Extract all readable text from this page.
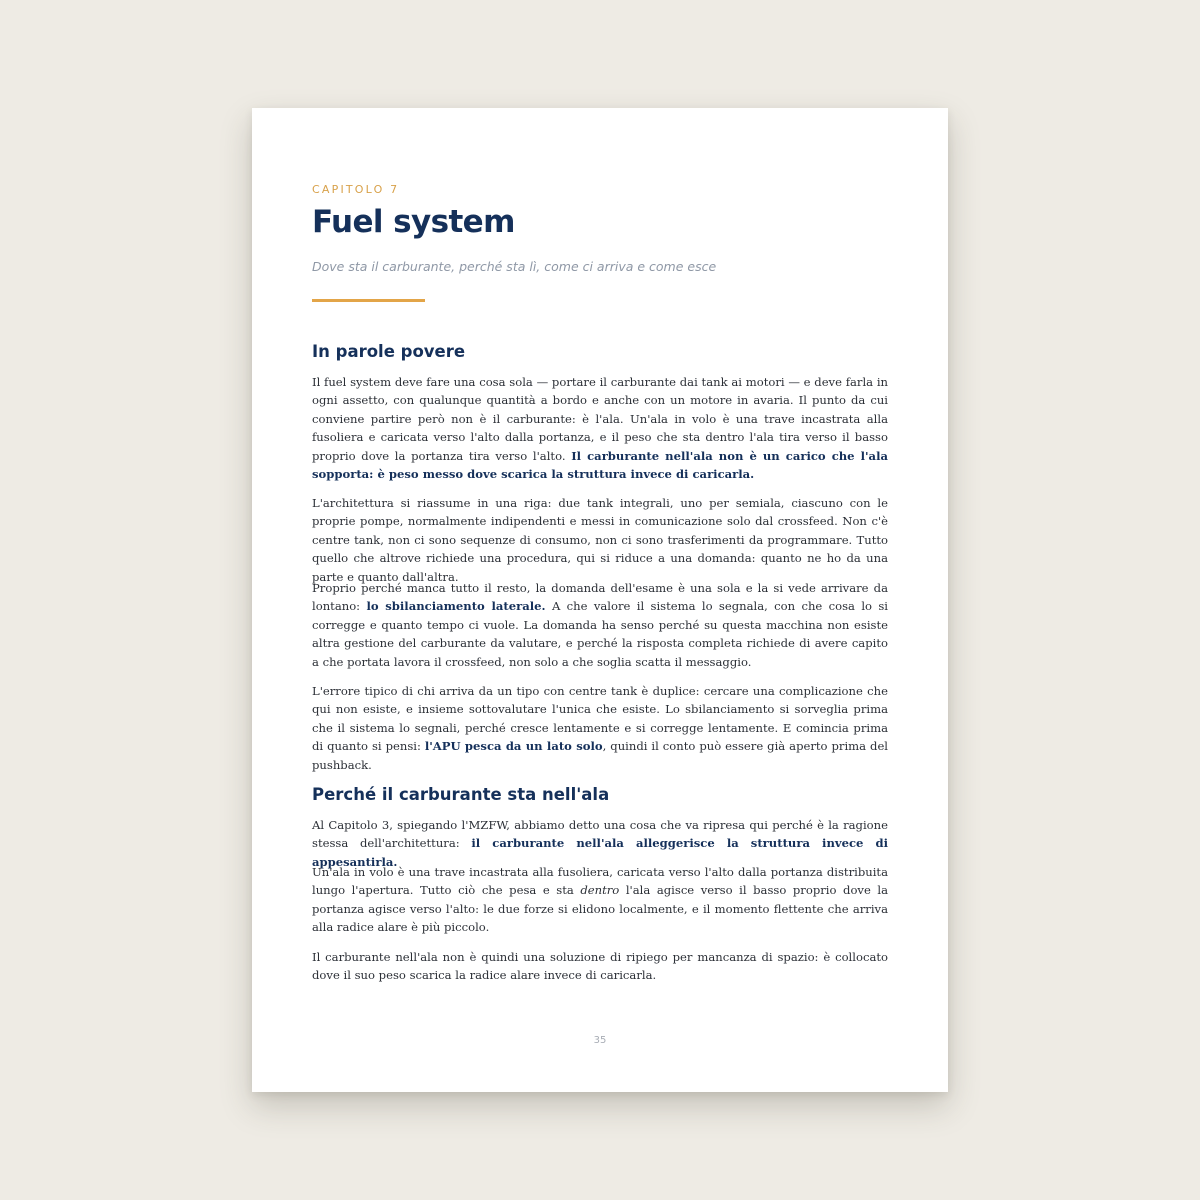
CAPITOLO 7
Fuel system
Dove sta il carburante, perché sta lì, come ci arriva e come esce
In parole povere

Il fuel system deve fare una cosa sola — portare il carburante dai tank ai motori — e deve farla in ogni assetto, con qualunque quantità a bordo e anche con un motore in avaria. Il punto da cui conviene partire però non è il carburante: è l'ala. Un'ala in volo è una trave incastrata alla fusoliera e caricata verso l'alto dalla portanza, e il peso che sta dentro l'ala tira verso il basso proprio dove la portanza tira verso l'alto. Il carburante nell'ala non è un carico che l'ala sopporta: è peso messo dove scarica la struttura invece di caricarla.

L'architettura si riassume in una riga: due tank integrali, uno per semiala, ciascuno con le proprie pompe, normalmente indipendenti e messi in comunicazione solo dal crossfeed. Non c'è centre tank, non ci sono sequenze di consumo, non ci sono trasferimenti da programmare. Tutto quello che altrove richiede una procedura, qui si riduce a una domanda: quanto ne ho da una parte e quanto dall'altra.

Proprio perché manca tutto il resto, la domanda dell'esame è una sola e la si vede arrivare da lontano: lo sbilanciamento laterale. A che valore il sistema lo segnala, con che cosa lo si corregge e quanto tempo ci vuole. La domanda ha senso perché su questa macchina non esiste altra gestione del carburante da valutare, e perché la risposta completa richiede di avere capito a che portata lavora il crossfeed, non solo a che soglia scatta il messaggio.

L'errore tipico di chi arriva da un tipo con centre tank è duplice: cercare una complicazione che qui non esiste, e insieme sottovalutare l'unica che esiste. Lo sbilanciamento si sorveglia prima che il sistema lo segnali, perché cresce lentamente e si corregge lentamente. E comincia prima di quanto si pensi: l'APU pesca da un lato solo, quindi il conto può essere già aperto prima del pushback.

Perché il carburante sta nell'ala

Al Capitolo 3, spiegando l'MZFW, abbiamo detto una cosa che va ripresa qui perché è la ragione stessa dell'architettura: il carburante nell'ala alleggerisce la struttura invece di appesantirla.

Un'ala in volo è una trave incastrata alla fusoliera, caricata verso l'alto dalla portanza distribuita lungo l'apertura. Tutto ciò che pesa e sta dentro l'ala agisce verso il basso proprio dove la portanza agisce verso l'alto: le due forze si elidono localmente, e il momento flettente che arriva alla radice alare è più piccolo.

Il carburante nell'ala non è quindi una soluzione di ripiego per mancanza di spazio: è collocato dove il suo peso scarica la radice alare invece di caricarla.

35
